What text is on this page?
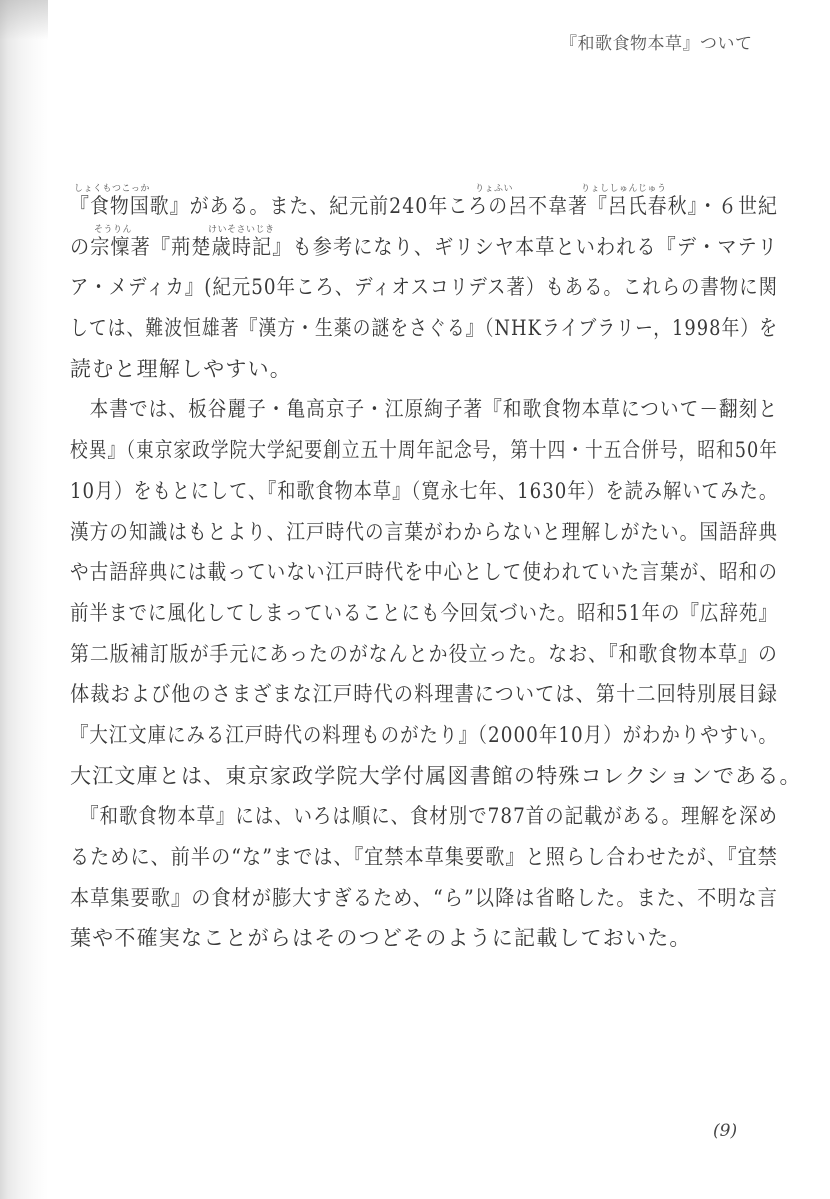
『和歌食物本草』ついて
しょくもつこっか	りょふい	りょししゅんじゅう
『食物国歌』がある。また、紀元前240年ころの呂不韋著『呂氏春秋』・６世紀
そうりん	けいそさいじき
の宗懍著『荊楚歳時記』も参考になり、ギリシヤ本草といわれる『デ・マテリ
ア・メディカ』(紀元50年ころ、ディオスコリデス著）もある。これらの書物に関
しては、難波恒雄著『漢方・生薬の謎をさぐる』（NHKライブラリー，1998年）を
読むと理解しやすい。
　本書では、板谷麗子・亀高京子・江原絢子著『和歌食物本草について－翻刻と
校異』（東京家政学院大学紀要創立五十周年記念号，第十四・十五合併号，昭和50年
10月）をもとにして、『和歌食物本草』（寛永七年、1630年）を読み解いてみた。
漢方の知識はもとより、江戸時代の言葉がわからないと理解しがたい。国語辞典
や古語辞典には載っていない江戸時代を中心として使われていた言葉が、昭和の
前半までに風化してしまっていることにも今回気づいた。昭和51年の『広辞苑』
第二版補訂版が手元にあったのがなんとか役立った。なお、『和歌食物本草』の
体裁および他のさまざまな江戸時代の料理書については、第十二回特別展目録
『大江文庫にみる江戸時代の料理ものがたり』（2000年10月）がわかりやすい。
大江文庫とは、東京家政学院大学付属図書館の特殊コレクションである。
　『和歌食物本草』には、いろは順に、食材別で787首の記載がある。理解を深め
るために、前半の“な”までは、『宜禁本草集要歌』と照らし合わせたが、『宜禁
本草集要歌』の食材が膨大すぎるため、“ら”以降は省略した。また、不明な言
葉や不確実なことがらはそのつどそのように記載しておいた。
(9)
